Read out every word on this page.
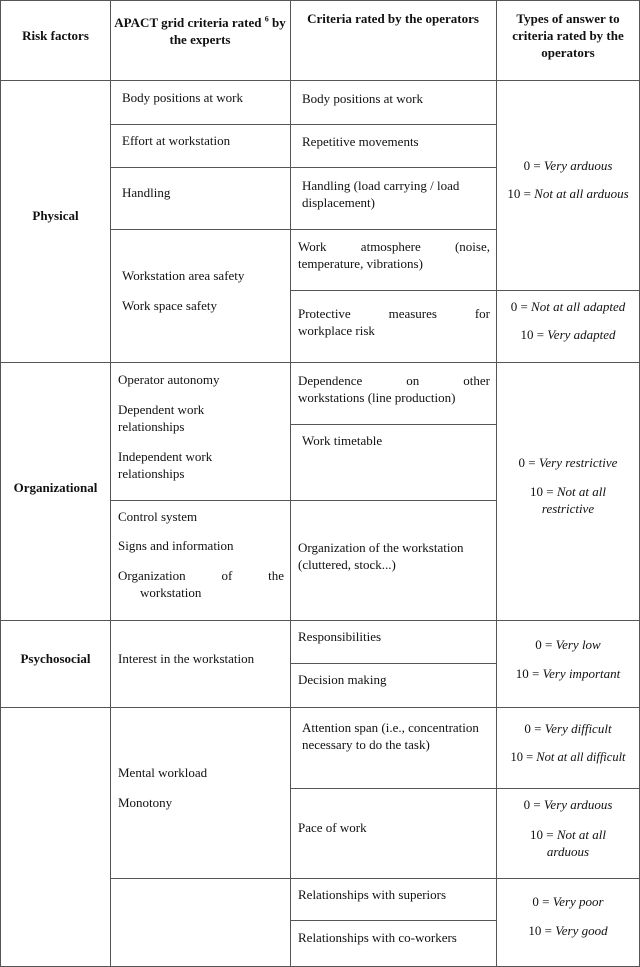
Risk factors
APACT grid criteria rated $^6$ by the experts
Criteria rated by the operators	Types of answer to criteria rated by the operators
Physical
Organizational
Psychosocial
Body positions at work
Effort at workstation
Handling
Workstation area safety
Work space safety
Operator autonomy
Dependent work relationships
Independent work relationships
Control system
Signs and information
Organization of the
workstation
Interest in the workstation
Mental workload
Monotony
Body positions at work
Repetitive movements
Handling (load carrying / load displacement)
Work atmosphere (noise,
temperature, vibrations)
Protective measures for
workplace risk
Dependence on other
workstations (line production)
Work timetable
Organization of the workstation (cluttered, stock...)
Responsibilities
Decision making
Attention span (i.e., concentration necessary to do the task)
Pace of work
Relationships with superiors
Relationships with co-workers
0 = Very arduous
10 = Not at all arduous
0 = Not at all adapted
10 = Very adapted
0 = Very restrictive
10 = Not at all restrictive
0 = Very low
10 = Very important
0 = Very difficult
10 = Not at all difficult
0 = Very arduous
10 = Not at all arduous
0 = Very poor
10 = Very good
